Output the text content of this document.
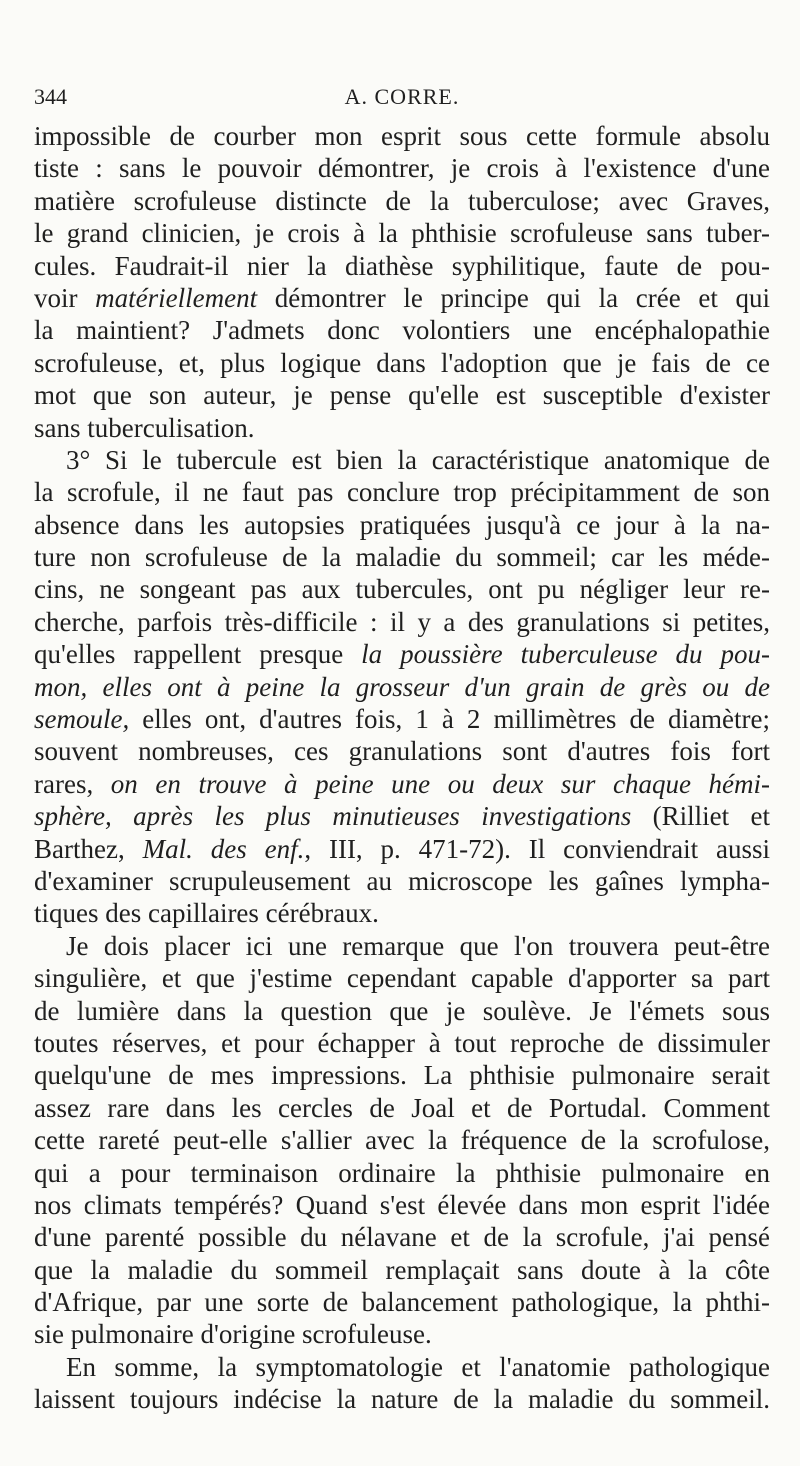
344	A. CORRE.
impossible de courber mon esprit sous cette formule absolu
tiste : sans le pouvoir démontrer, je crois à l'existence d'une
matière scrofuleuse distincte de la tuberculose; avec Graves,
le grand clinicien, je crois à la phthisie scrofuleuse sans tuber-
cules. Faudrait-il nier la diathèse syphilitique, faute de pou-
voir matériellement démontrer le principe qui la crée et qui
la maintient? J'admets donc volontiers une encéphalopathie
scrofuleuse, et, plus logique dans l'adoption que je fais de ce
mot que son auteur, je pense qu'elle est susceptible d'exister
sans tuberculisation.
3° Si le tubercule est bien la caractéristique anatomique de
la scrofule, il ne faut pas conclure trop précipitamment de son
absence dans les autopsies pratiquées jusqu'à ce jour à la na-
ture non scrofuleuse de la maladie du sommeil; car les méde-
cins, ne songeant pas aux tubercules, ont pu négliger leur re-
cherche, parfois très-difficile : il y a des granulations si petites,
qu'elles rappellent presque la poussière tuberculeuse du pou-
mon, elles ont à peine la grosseur d'un grain de grès ou de
semoule, elles ont, d'autres fois, 1 à 2 millimètres de diamètre;
souvent nombreuses, ces granulations sont d'autres fois fort
rares, on en trouve à peine une ou deux sur chaque hémi-
sphère, après les plus minutieuses investigations (Rilliet et
Barthez, Mal. des enf., III, p. 471-72). Il conviendrait aussi
d'examiner scrupuleusement au microscope les gaînes lympha-
tiques des capillaires cérébraux.
Je dois placer ici une remarque que l'on trouvera peut-être
singulière, et que j'estime cependant capable d'apporter sa part
de lumière dans la question que je soulève. Je l'émets sous
toutes réserves, et pour échapper à tout reproche de dissimuler
quelqu'une de mes impressions. La phthisie pulmonaire serait
assez rare dans les cercles de Joal et de Portudal. Comment
cette rareté peut-elle s'allier avec la fréquence de la scrofulose,
qui a pour terminaison ordinaire la phthisie pulmonaire en
nos climats tempérés? Quand s'est élevée dans mon esprit l'idée
d'une parenté possible du nélavane et de la scrofule, j'ai pensé
que la maladie du sommeil remplaçait sans doute à la côte
d'Afrique, par une sorte de balancement pathologique, la phthi-
sie pulmonaire d'origine scrofuleuse.
En somme, la symptomatologie et l'anatomie pathologique
laissent toujours indécise la nature de la maladie du sommeil.
